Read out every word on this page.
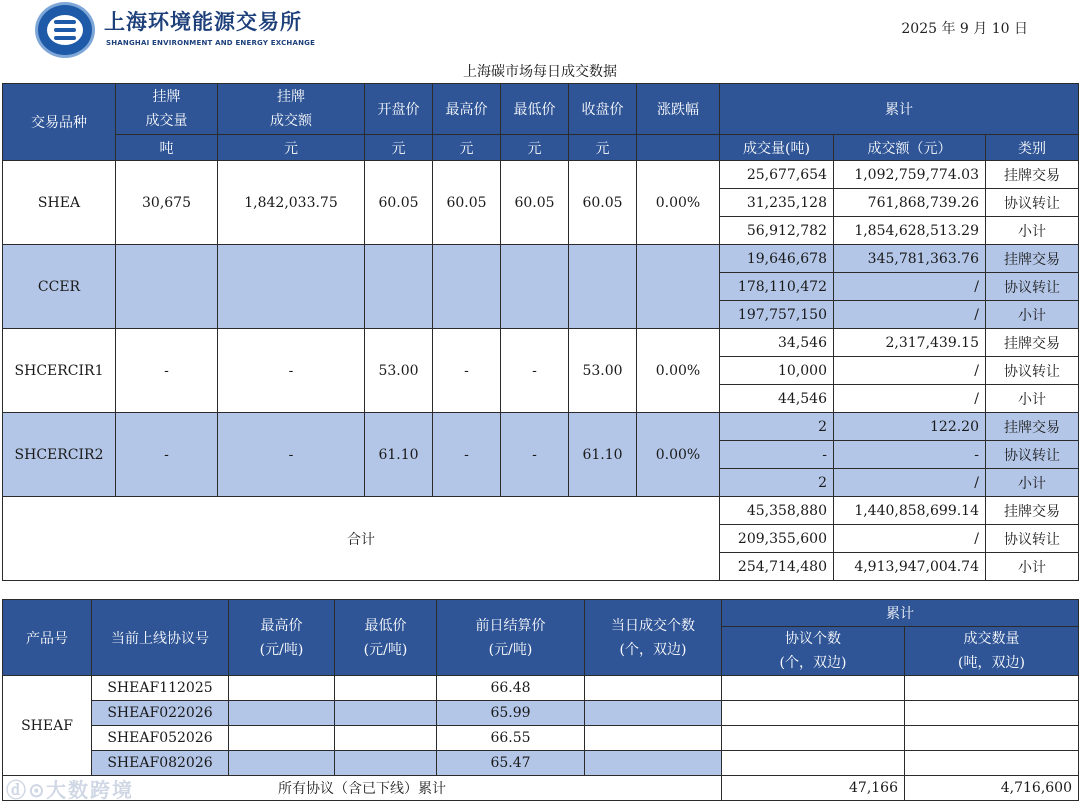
上海环境能源交易所
SHANGHAI ENVIRONMENT AND ENERGY EXCHANGE
2025 年 9 月 10 日
上海碳市场每日成交数据
交易品种	挂牌
成交量	挂牌
成交额	开盘价	最高价	最低价	收盘价	涨跌幅	累计		
	吨	元	元	元	元	元		成交量(吨)	成交额（元）	类别
SHEA	30,675	1,842,033.75	60.05	60.05	60.05	60.05	0.00%	25,677,654	1,092,759,774.03	挂牌交易
								31,235,128	761,868,739.26	协议转让
								56,912,782	1,854,628,513.29	小计
CCER								19,646,678	345,781,363.76	挂牌交易
								178,110,472	/	协议转让
								197,757,150	/	小计
SHCERCIR1	-	-	53.00	-	-	53.00	0.00%	34,546	2,317,439.15	挂牌交易
								10,000	/	协议转让
								44,546	/	小计
SHCERCIR2	-	-	61.10	-	-	61.10	0.00%	2	122.20	挂牌交易
								-	-	协议转让
								2	/	小计
合计								45,358,880	1,440,858,699.14	挂牌交易
								209,355,600	/	协议转让
								254,714,480	4,913,947,004.74	小计
产品号	当前上线协议号	最高价
(元/吨)	最低价
(元/吨)	前日结算价
(元/吨)	当日成交个数
(个，双边)	累计	
						协议个数
(个，双边)	成交数量
(吨，双边)
SHEAF	SHEAF112025			66.48			
	SHEAF022026			65.99			
	SHEAF052026			66.55			
	SHEAF082026			65.47			
所有协议（含已下线）累计						47,166	4,716,600
ⓓ⊙大数跨境
